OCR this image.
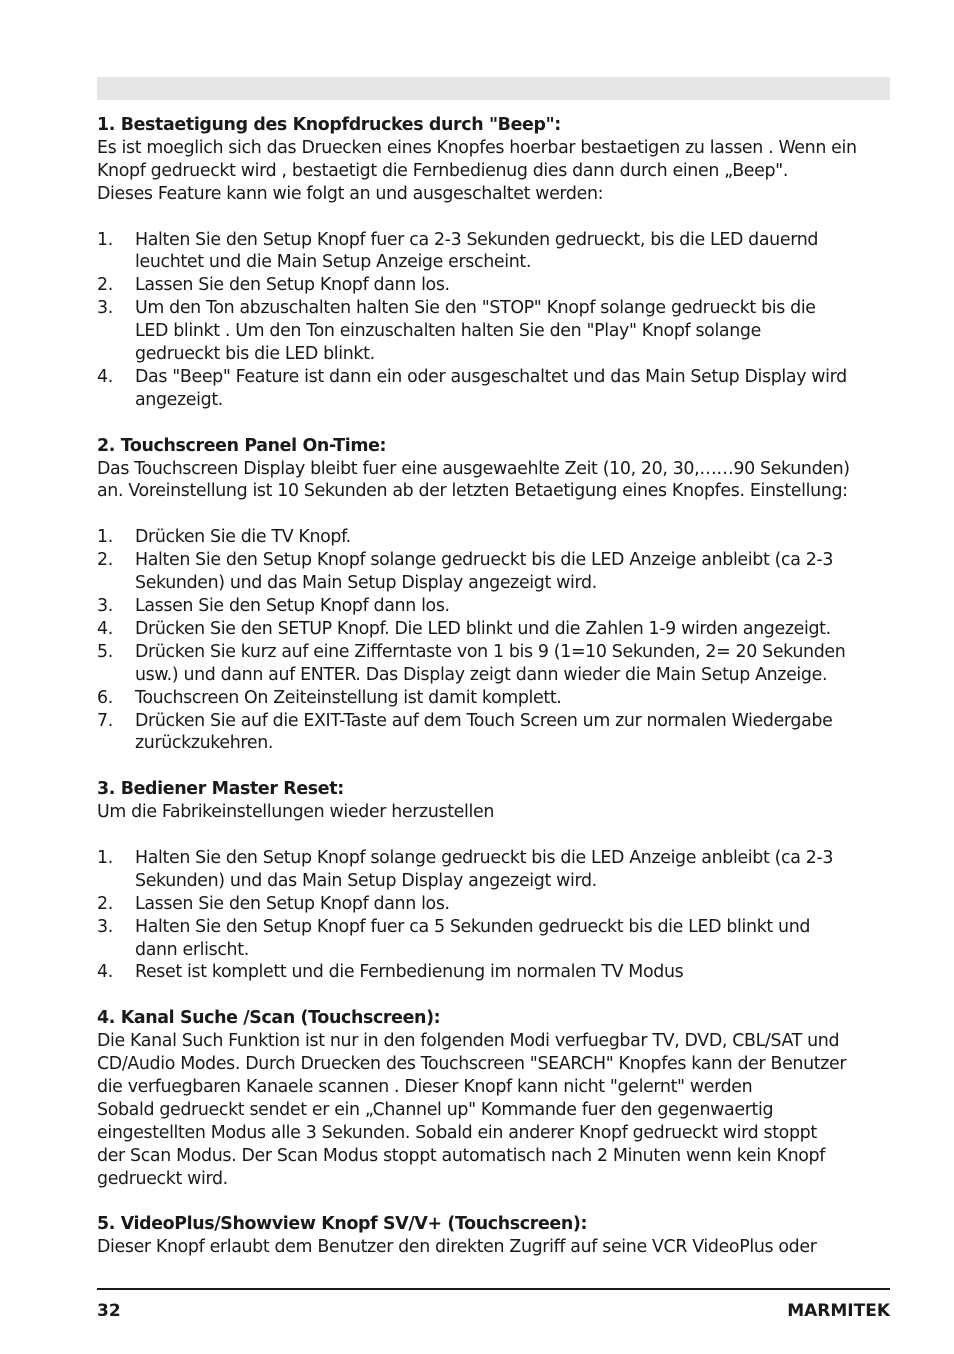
1. Bestaetigung des Knopfdruckes durch "Beep":
Es ist moeglich sich das Druecken eines Knopfes hoerbar bestaetigen zu lassen . Wenn ein
Knopf gedrueckt wird , bestaetigt die Fernbedienug dies dann durch einen „Beep".
Dieses Feature kann wie folgt an und ausgeschaltet werden:
1. Halten Sie den Setup Knopf fuer ca 2-3 Sekunden gedrueckt, bis die LED dauernd
leuchtet und die Main Setup Anzeige erscheint.
2. Lassen Sie den Setup Knopf dann los.
3. Um den Ton abzuschalten halten Sie den "STOP" Knopf solange gedrueckt bis die
LED blinkt . Um den Ton einzuschalten halten Sie den "Play" Knopf solange
gedrueckt bis die LED blinkt.
4. Das "Beep" Feature ist dann ein oder ausgeschaltet und das Main Setup Display wird
angezeigt.
2. Touchscreen Panel On-Time:
Das Touchscreen Display bleibt fuer eine ausgewaehlte Zeit (10, 20, 30,……90 Sekunden)
an. Voreinstellung ist 10 Sekunden ab der letzten Betaetigung eines Knopfes. Einstellung:
1. Drücken Sie die TV Knopf.
2. Halten Sie den Setup Knopf solange gedrueckt bis die LED Anzeige anbleibt (ca 2-3
Sekunden) und das Main Setup Display angezeigt wird.
3. Lassen Sie den Setup Knopf dann los.
4. Drücken Sie den SETUP Knopf. Die LED blinkt und die Zahlen 1-9 wirden angezeigt.
5. Drücken Sie kurz auf eine Zifferntaste von 1 bis 9 (1=10 Sekunden, 2= 20 Sekunden
usw.) und dann auf ENTER. Das Display zeigt dann wieder die Main Setup Anzeige.
6. Touchscreen On Zeiteinstellung ist damit komplett.
7. Drücken Sie auf die EXIT-Taste auf dem Touch Screen um zur normalen Wiedergabe
zurückzukehren.
3. Bediener Master Reset:
Um die Fabrikeinstellungen wieder herzustellen
1. Halten Sie den Setup Knopf solange gedrueckt bis die LED Anzeige anbleibt (ca 2-3
Sekunden) und das Main Setup Display angezeigt wird.
2. Lassen Sie den Setup Knopf dann los.
3. Halten Sie den Setup Knopf fuer ca 5 Sekunden gedrueckt bis die LED blinkt und
dann erlischt.
4. Reset ist komplett und die Fernbedienung im normalen TV Modus
4. Kanal Suche /Scan (Touchscreen):
Die Kanal Such Funktion ist nur in den folgenden Modi verfuegbar TV, DVD, CBL/SAT und
CD/Audio Modes. Durch Druecken des Touchscreen "SEARCH" Knopfes kann der Benutzer
die verfuegbaren Kanaele scannen . Dieser Knopf kann nicht "gelernt" werden
Sobald gedrueckt sendet er ein „Channel up" Kommande fuer den gegenwaertig
eingestellten Modus alle 3 Sekunden. Sobald ein anderer Knopf gedrueckt wird stoppt
der Scan Modus. Der Scan Modus stoppt automatisch nach 2 Minuten wenn kein Knopf
gedrueckt wird.
5. VideoPlus/Showview Knopf SV/V+ (Touchscreen):
Dieser Knopf erlaubt dem Benutzer den direkten Zugriff auf seine VCR VideoPlus oder
32	MARMITEK
